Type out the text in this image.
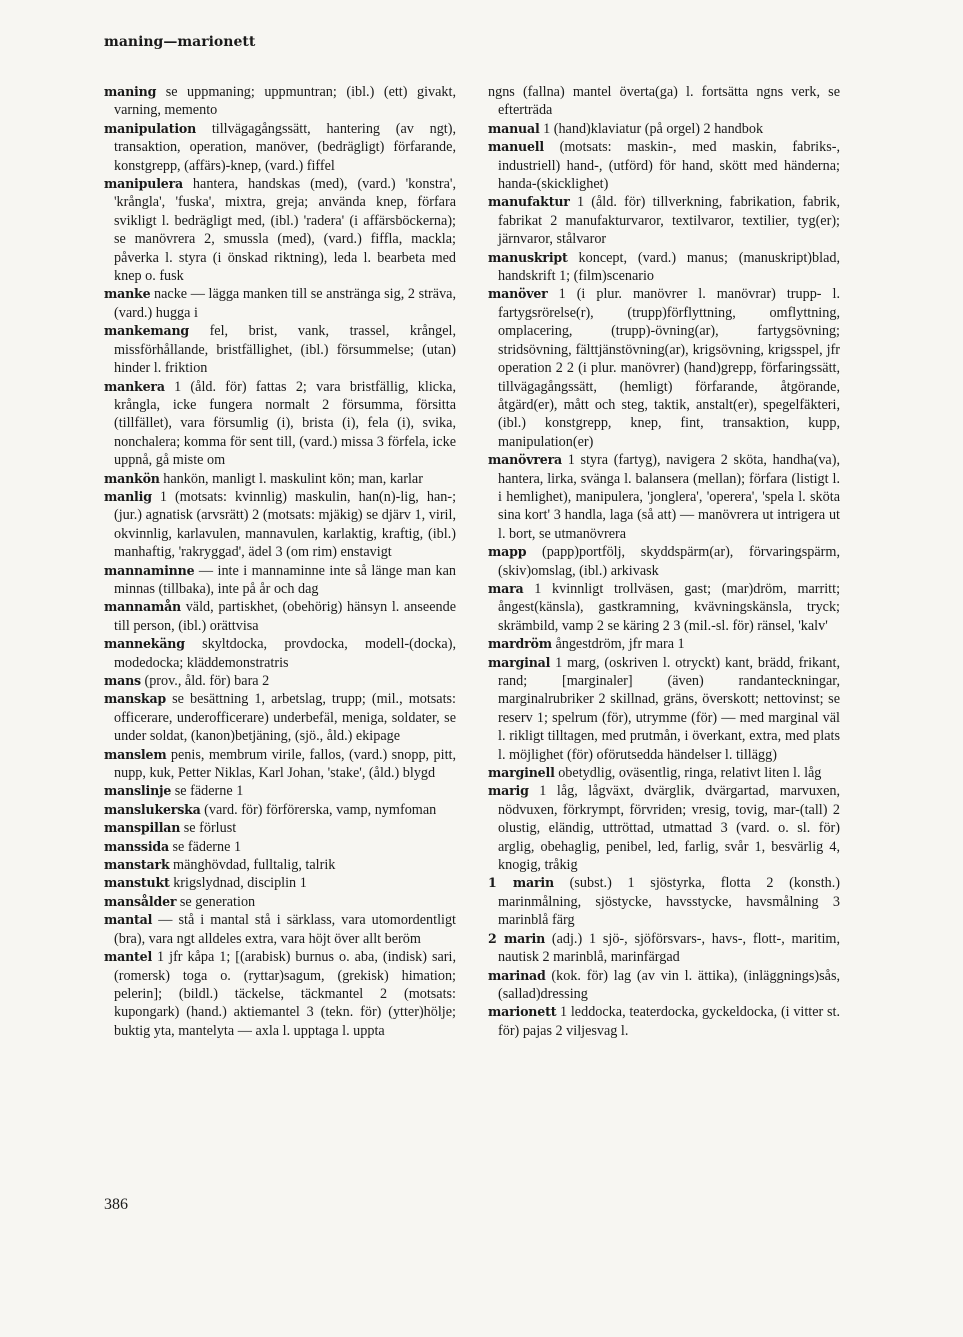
maning—marionett

maning se uppmaning; uppmuntran; (ibl.) (ett) givakt, varning, memento

manipulation tillvägagångssätt, hantering (av ngt), transaktion, operation, manöver, (bedrägligt) förfarande, konstgrepp, (affärs)-knep, (vard.) fiffel

manipulera hantera, handskas (med), (vard.) 'konstra', 'krångla', 'fuska', mixtra, greja; använda knep, förfara svikligt l. bedrägligt med, (ibl.) 'radera' (i affärsböckerna); se manövrera 2, smussla (med), (vard.) fiffla, mackla; påverka l. styra (i önskad riktning), leda l. bearbeta med knep o. fusk

manke nacke — lägga manken till se anstränga sig, 2 sträva, (vard.) hugga i

mankemang fel, brist, vank, trassel, krångel, missförhållande, bristfällighet, (ibl.) försummelse; (utan) hinder l. friktion

mankera 1 (åld. för) fattas 2; vara bristfällig, klicka, krångla, icke fungera normalt 2 försumma, försitta (tillfället), vara försumlig (i), brista (i), fela (i), svika, nonchalera; komma för sent till, (vard.) missa 3 förfela, icke uppnå, gå miste om

mankön hankön, manligt l. maskulint kön; man, karlar

manlig 1 (motsats: kvinnlig) maskulin, han(n)-lig, han-; (jur.) agnatisk (arvsrätt) 2 (motsats: mjäkig) se djärv 1, viril, okvinnlig, karlavulen, mannavulen, karlaktig, kraftig, (ibl.) manhaftig, 'rakryggad', ädel 3 (om rim) enstavigt

mannaminne — inte i mannaminne inte så länge man kan minnas (tillbaka), inte på år och dag

mannamån väld, partiskhet, (obehörig) hänsyn l. anseende till person, (ibl.) orättvisa

mannekäng skyltdocka, provdocka, modell-(docka), modedocka; kläddemonstratris

mans (prov., åld. för) bara 2

manskap se besättning 1, arbetslag, trupp; (mil., motsats: officerare, underofficerare) underbefäl, meniga, soldater, se under soldat, (kanon)betjäning, (sjö., åld.) ekipage

manslem penis, membrum virile, fallos, (vard.) snopp, pitt, nupp, kuk, Petter Niklas, Karl Johan, 'stake', (åld.) blygd

manslinje se fäderne 1

manslukerska (vard. för) förförerska, vamp, nymfoman

manspillan se förlust

manssida se fäderne 1

manstark mänghövdad, fulltalig, talrik

manstukt krigslydnad, disciplin 1

mansålder se generation

mantal — stå i mantal stå i särklass, vara utomordentligt (bra), vara ngt alldeles extra, vara höjt över allt beröm

mantel 1 jfr kåpa 1; [(arabisk) burnus o. aba, (indisk) sari, (romersk) toga o. (ryttar)sagum, (grekisk) himation; pelerin]; (bildl.) täckelse, täckmantel 2 (motsats: kupongark) (hand.) aktiemantel 3 (tekn. för) (ytter)hölje; buktig yta, mantelyta — axla l. upptaga l. uppta

ngns (fallna) mantel överta(ga) l. fortsätta ngns verk, se efterträda

manual 1 (hand)klaviatur (på orgel) 2 handbok

manuell (motsats: maskin-, med maskin, fabriks-, industriell) hand-, (utförd) för hand, skött med händerna; handa-(skicklighet)

manufaktur 1 (åld. för) tillverkning, fabrikation, fabrik, fabrikat 2 manufakturvaror, textilvaror, textilier, tyg(er); järnvaror, stålvaror

manuskript koncept, (vard.) manus; (manuskript)blad, handskrift 1; (film)scenario

manöver 1 (i plur. manövrer l. manövrar) trupp- l. fartygsrörelse(r), (trupp)förflyttning, omflyttning, omplacering, (trupp)-övning(ar), fartygsövning; stridsövning, fälttjänstövning(ar), krigsövning, krigsspel, jfr operation 2 2 (i plur. manövrer) (hand)grepp, förfaringssätt, tillvägagångssätt, (hemligt) förfarande, åtgörande, åtgärd(er), mått och steg, taktik, anstalt(er), spegelfäkteri, (ibl.) konstgrepp, knep, fint, transaktion, kupp, manipulation(er)

manövrera 1 styra (fartyg), navigera 2 sköta, handha(va), hantera, lirka, svänga l. balansera (mellan); förfara (listigt l. i hemlighet), manipulera, 'jonglera', 'operera', 'spela l. sköta sina kort' 3 handla, laga (så att) — manövrera ut intrigera ut l. bort, se utmanövrera

mapp (papp)portfölj, skyddspärm(ar), förvaringspärm, (skiv)omslag, (ibl.) arkivask

mara 1 kvinnligt trollväsen, gast; (mar)dröm, marritt; ångest(känsla), gastkramning, kvävningskänsla, tryck; skrämbild, vamp 2 se käring 2 3 (mil.-sl. för) ränsel, 'kalv'

mardröm ångestdröm, jfr mara 1

marginal 1 marg, (oskriven l. otryckt) kant, brädd, frikant, rand; [marginaler] (även) randanteckningar, marginalrubriker 2 skillnad, gräns, överskott; nettovinst; se reserv 1; spelrum (för), utrymme (för) — med marginal väl l. rikligt tilltagen, med prutmån, i överkant, extra, med plats l. möjlighet (för) oförutsedda händelser l. tillägg)

marginell obetydlig, oväsentlig, ringa, relativt liten l. låg

marig 1 låg, lågväxt, dvärglik, dvärgartad, marvuxen, nödvuxen, förkrympt, förvriden; vresig, tovig, mar-(tall) 2 olustig, eländig, uttröttad, utmattad 3 (vard. o. sl. för) arglig, obehaglig, penibel, led, farlig, svår 1, besvärlig 4, knogig, tråkig

1 marin (subst.) 1 sjöstyrka, flotta 2 (konsth.) marinmålning, sjöstycke, havsstycke, havsmålning 3 marinblå färg

2 marin (adj.) 1 sjö-, sjöförsvars-, havs-, flott-, maritim, nautisk 2 marinblå, marinfärgad

marinad (kok. för) lag (av vin l. ättika), (inläggnings)sås, (sallad)dressing

marionett 1 leddocka, teaterdocka, gyckeldocka, (i vitter st. för) pajas 2 viljesvag l.

386
